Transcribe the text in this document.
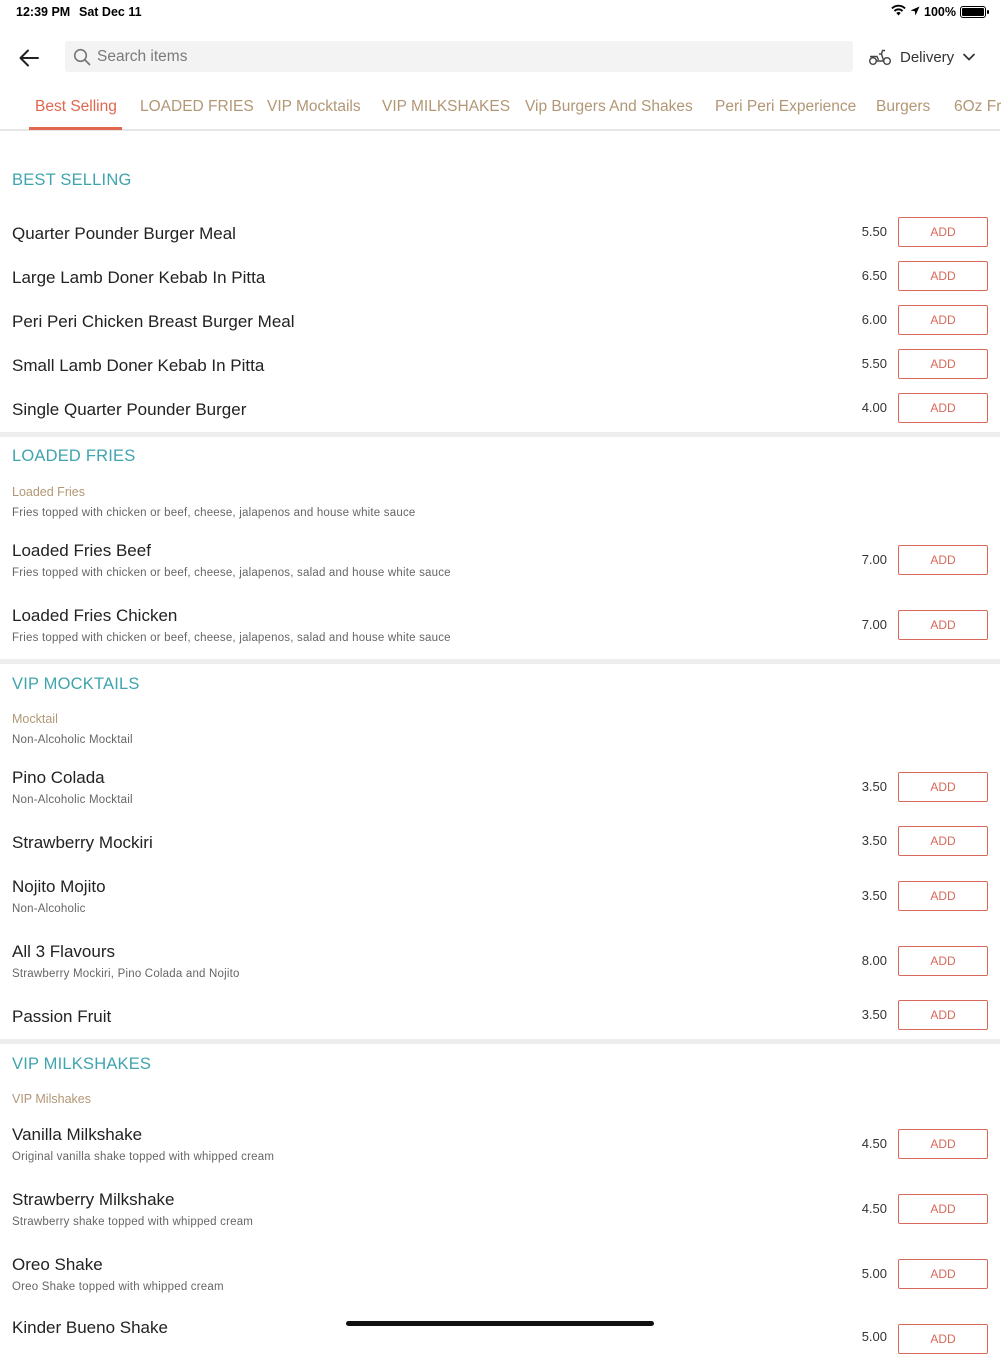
12:39 PM Sat Dec 11	100%
Search items
Delivery
Best Selling LOADED FRIES VIP Mocktails VIP MILKSHAKES Vip Burgers And Shakes Peri Peri Experience Burgers 6Oz Fr
BEST SELLING
Quarter Pounder Burger Meal	5.50	ADD
Large Lamb Doner Kebab In Pitta	6.50	ADD
Peri Peri Chicken Breast Burger Meal	6.00	ADD
Small Lamb Doner Kebab In Pitta	5.50	ADD
Single Quarter Pounder Burger	4.00	ADD
LOADED FRIES
Loaded Fries
Fries topped with chicken or beef, cheese, jalapenos and house white sauce
Loaded Fries Beef
Fries topped with chicken or beef, cheese, jalapenos, salad and house white sauce
7.00	ADD
Loaded Fries Chicken
Fries topped with chicken or beef, cheese, jalapenos, salad and house white sauce
7.00	ADD
VIP MOCKTAILS
Mocktail
Non-Alcoholic Mocktail
Pino Colada
Non-Alcoholic Mocktail
3.50	ADD
Strawberry Mockiri	3.50	ADD
Nojito Mojito
Non-Alcoholic
3.50	ADD
All 3 Flavours
Strawberry Mockiri, Pino Colada and Nojito
8.00	ADD
Passion Fruit	3.50	ADD
VIP MILKSHAKES
VIP Milshakes
Vanilla Milkshake
Original vanilla shake topped with whipped cream
4.50	ADD
Strawberry Milkshake
Strawberry shake topped with whipped cream
4.50	ADD
Oreo Shake
Oreo Shake topped with whipped cream
5.00	ADD
Kinder Bueno Shake	5.00	ADD
